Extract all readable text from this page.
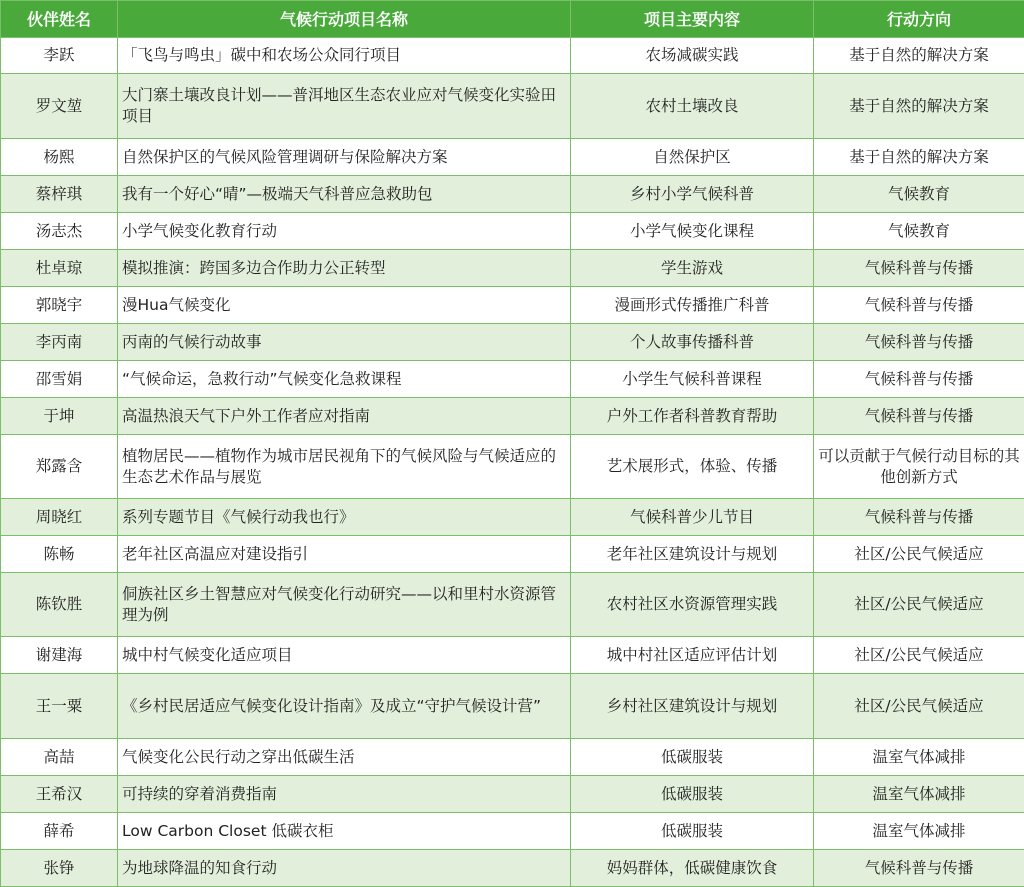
伙伴姓名	气候行动项目名称	项目主要内容	行动方向
李跃	「飞鸟与鸣虫」碳中和农场公众同行项目	农场减碳实践	基于自然的解决方案
罗文堃	大门寨土壤改良计划——普洱地区生态农业应对气候变化实验田项目	农村土壤改良	基于自然的解决方案
杨熙	自然保护区的气候风险管理调研与保险解决方案	自然保护区	基于自然的解决方案
蔡梓琪	我有一个好心“晴”—极端天气科普应急救助包	乡村小学气候科普	气候教育
汤志杰	小学气候变化教育行动	小学气候变化课程	气候教育
杜卓琼	模拟推演：跨国多边合作助力公正转型	学生游戏	气候科普与传播
郭晓宇	漫Hua气候变化	漫画形式传播推广科普	气候科普与传播
李丙南	丙南的气候行动故事	个人故事传播科普	气候科普与传播
邵雪娟	“气候命运，急救行动”气候变化急救课程	小学生气候科普课程	气候科普与传播
于坤	高温热浪天气下户外工作者应对指南	户外工作者科普教育帮助	气候科普与传播
郑露含	植物居民——植物作为城市居民视角下的气候风险与气候适应的生态艺术作品与展览	艺术展形式，体验、传播	可以贡献于气候行动目标的其他创新方式
周晓红	系列专题节目《气候行动我也行》	气候科普少儿节目	气候科普与传播
陈畅	老年社区高温应对建设指引	老年社区建筑设计与规划	社区/公民气候适应
陈钦胜	侗族社区乡土智慧应对气候变化行动研究——以和里村水资源管理为例	农村社区水资源管理实践	社区/公民气候适应
谢建海	城中村气候变化适应项目	城中村社区适应评估计划	社区/公民气候适应
王一粟	《乡村民居适应气候变化设计指南》及成立“守护气候设计营”	乡村社区建筑设计与规划	社区/公民气候适应
高喆	气候变化公民行动之穿出低碳生活	低碳服装	温室气体减排
王希汉	可持续的穿着消费指南	低碳服装	温室气体减排
薛希	Low Carbon Closet 低碳衣柜	低碳服装	温室气体减排
张铮	为地球降温的知食行动	妈妈群体，低碳健康饮食	气候科普与传播
